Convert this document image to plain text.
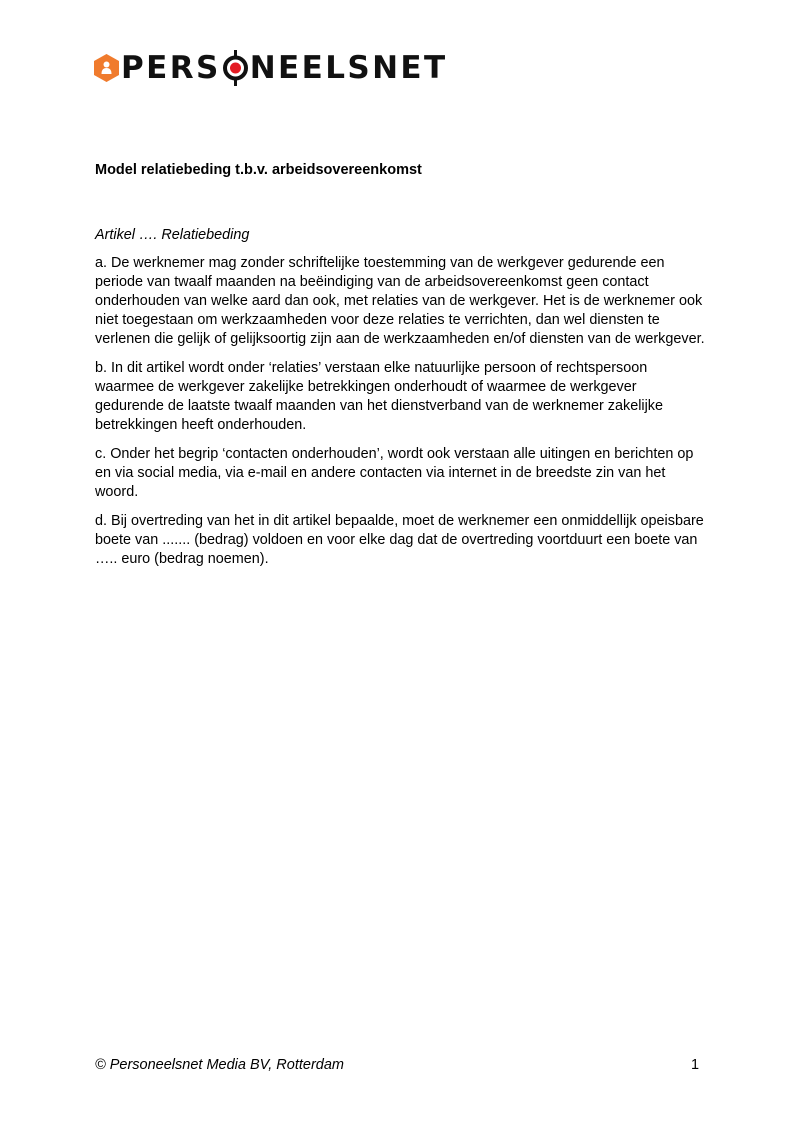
PERS NEELSNET
Model relatiebeding t.b.v. arbeidsovereenkomst

Artikel …. Relatiebeding

a. De werknemer mag zonder schriftelijke toestemming van de werkgever gedurende een periode van twaalf maanden na beëindiging van de arbeidsovereenkomst geen contact onderhouden van welke aard dan ook, met relaties van de werkgever. Het is de werknemer ook niet toegestaan om werkzaamheden voor deze relaties te verrichten, dan wel diensten te verlenen die gelijk of gelijksoortig zijn aan de werkzaamheden en/of diensten van de werkgever.

b. In dit artikel wordt onder ‘relaties’ verstaan elke natuurlijke persoon of rechtspersoon waarmee de werkgever zakelijke betrekkingen onderhoudt of waarmee de werkgever gedurende de laatste twaalf maanden van het dienstverband van de werknemer zakelijke betrekkingen heeft onderhouden.

c. Onder het begrip ‘contacten onderhouden’, wordt ook verstaan alle uitingen en berichten op en via social media, via e-mail en andere contacten via internet in de breedste zin van het woord.

d. Bij overtreding van het in dit artikel bepaalde, moet de werknemer een onmiddellijk opeisbare boete van ....... (bedrag) voldoen en voor elke dag dat de overtreding voortduurt een boete van ….. euro (bedrag noemen).

© Personeelsnet Media BV, Rotterdam	1
